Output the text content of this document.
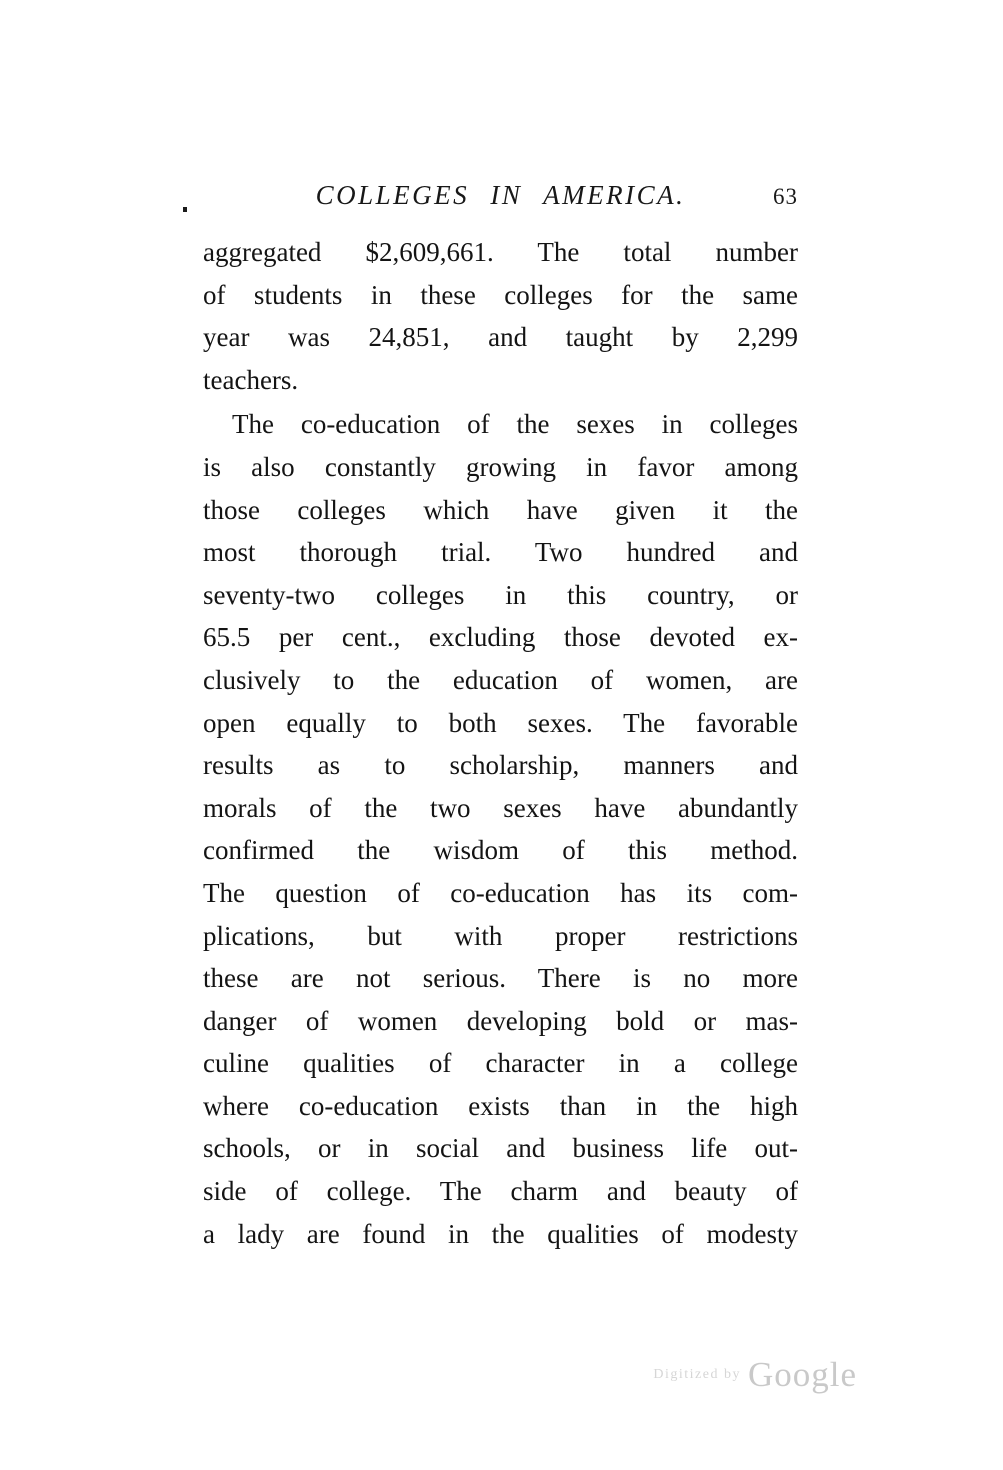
COLLEGES IN AMERICA.	63
aggregated $2,609,661. The total number
of students in these colleges for the same
year was 24,851, and taught by 2,299
teachers.
The co-education of the sexes in colleges
is also constantly growing in favor among
those colleges which have given it the
most thorough trial. Two hundred and
seventy-two colleges in this country, or
65.5 per cent., excluding those devoted ex-
clusively to the education of women, are
open equally to both sexes. The favorable
results as to scholarship, manners and
morals of the two sexes have abundantly
confirmed the wisdom of this method.
The question of co-education has its com-
plications, but with proper restrictions
these are not serious. There is no more
danger of women developing bold or mas-
culine qualities of character in a college
where co-education exists than in the high
schools, or in social and business life out-
side of college. The charm and beauty of
a lady are found in the qualities of modesty
Digitized by Google
